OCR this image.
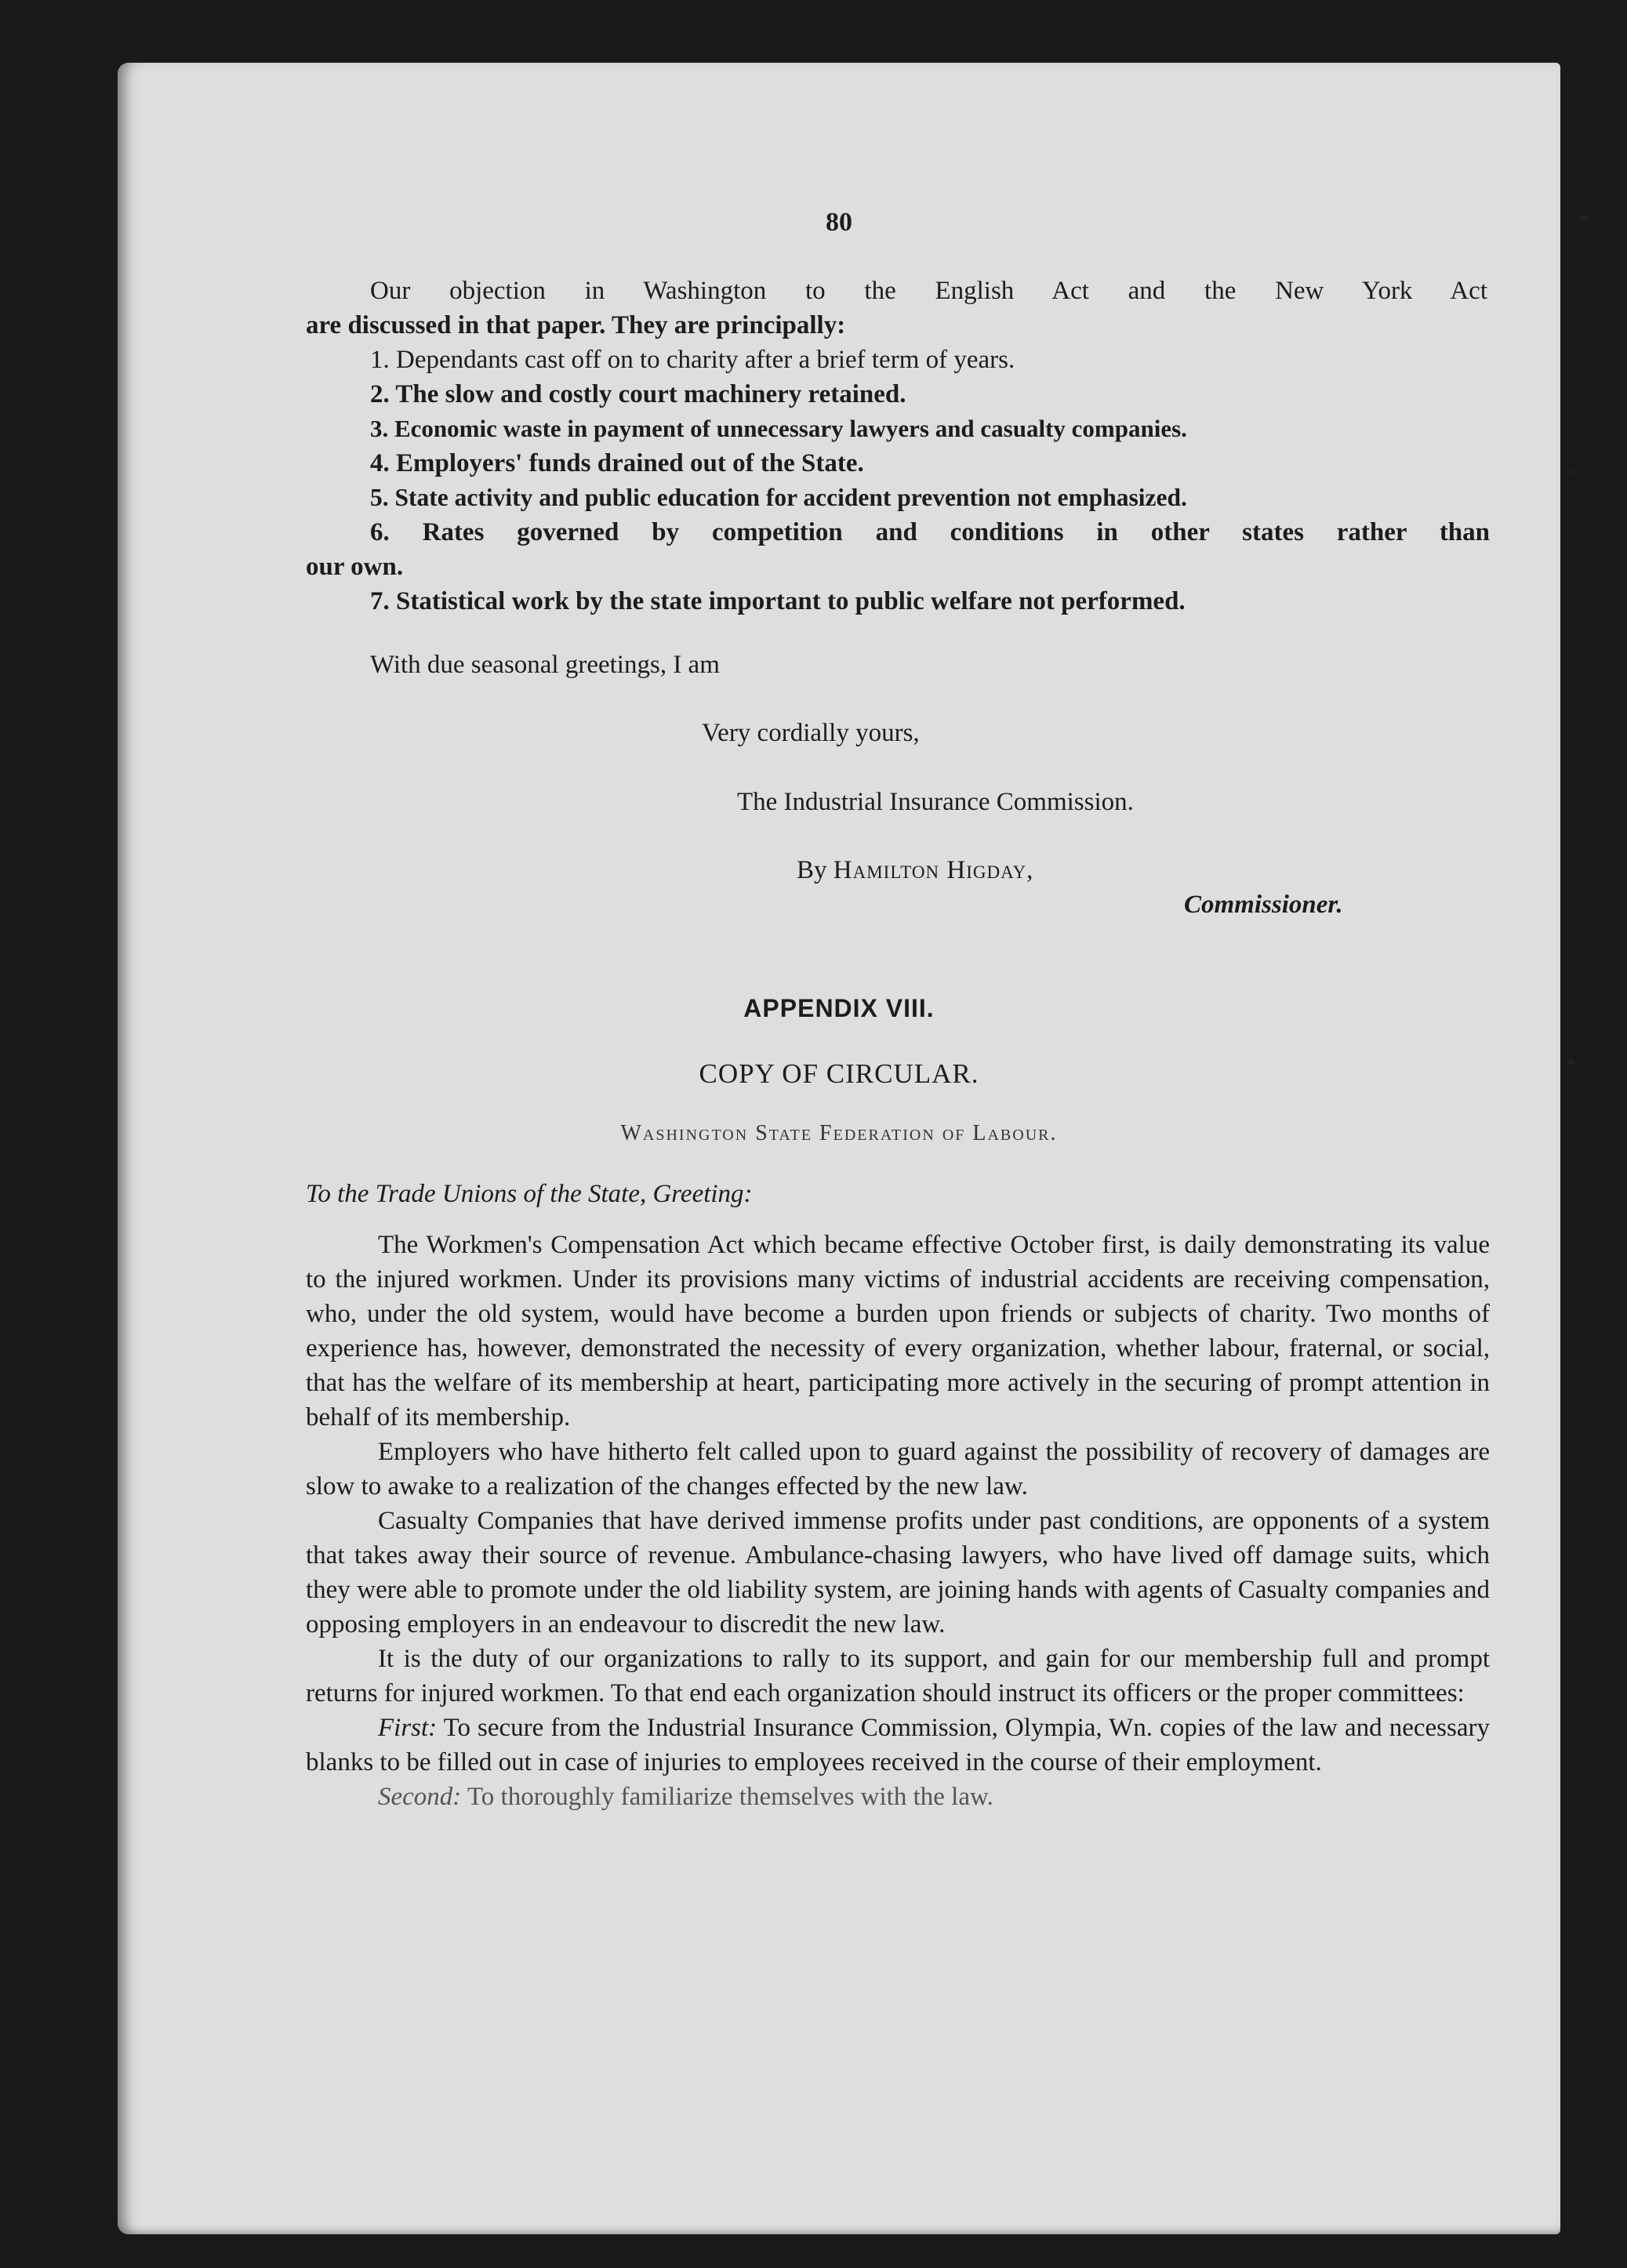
80
Our objection in Washington to the English Act and the New York Act
are discussed in that paper. They are principally:
1. Dependants cast off on to charity after a brief term of years.
2. The slow and costly court machinery retained.
3. Economic waste in payment of unnecessary lawyers and casualty companies.
4. Employers' funds drained out of the State.
5. State activity and public education for accident prevention not emphasized.
6. Rates governed by competition and conditions in other states rather than
our own.
7. Statistical work by the state important to public welfare not performed.
With due seasonal greetings, I am
Very cordially yours,
The Industrial Insurance Commission.
By Hamilton Higday,
Commissioner.
APPENDIX VIII.
COPY OF CIRCULAR.
Washington State Federation of Labour.
To the Trade Unions of the State, Greeting:

The Workmen's Compensation Act which became effective October first, is daily demonstrating its value to the injured workmen. Under its provisions many victims of industrial accidents are receiving compensation, who, under the old system, would have become a burden upon friends or subjects of charity. Two months of experience has, however, demonstrated the necessity of every organization, whether labour, fraternal, or social, that has the welfare of its membership at heart, participating more actively in the securing of prompt attention in behalf of its membership.

Employers who have hitherto felt called upon to guard against the possibility of recovery of damages are slow to awake to a realization of the changes effected by the new law.

Casualty Companies that have derived immense profits under past conditions, are opponents of a system that takes away their source of revenue. Ambulance-chasing lawyers, who have lived off damage suits, which they were able to promote under the old liability system, are joining hands with agents of Casualty companies and opposing employers in an endeavour to discredit the new law.

It is the duty of our organizations to rally to its support, and gain for our membership full and prompt returns for injured workmen. To that end each organization should instruct its officers or the proper committees:

First: To secure from the Industrial Insurance Commission, Olympia, Wn. copies of the law and necessary blanks to be filled out in case of injuries to employees received in the course of their employment.

Second: To thoroughly familiarize themselves with the law.
